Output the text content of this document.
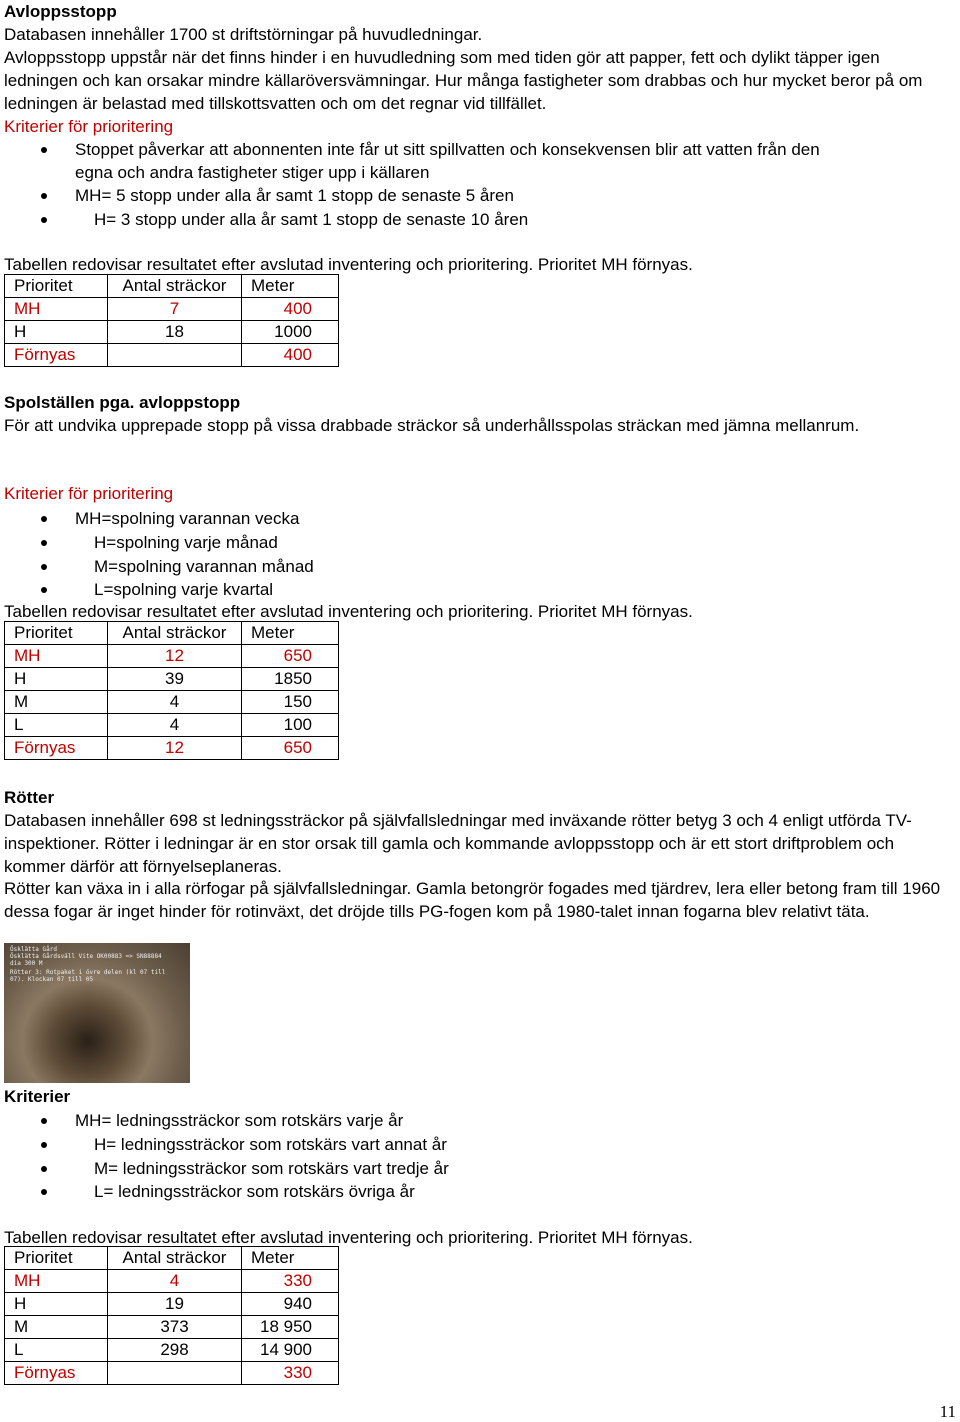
Avloppsstopp
Databasen innehåller 1700 st driftstörningar på huvudledningar.
Avloppsstopp uppstår när det finns hinder i en huvudledning som med tiden gör att papper, fett och dylikt täpper igen ledningen och kan orsakar mindre källaröversvämningar. Hur många fastigheter som drabbas och hur mycket beror på om ledningen är belastad med tillskottsvatten och om det regnar vid tillfället.
Kriterier för prioritering
Stoppet påverkar att abonnenten inte får ut sitt spillvatten och konsekvensen blir att vatten från den
egna och andra fastigheter stiger upp i källaren
MH= 5 stopp under alla år samt 1 stopp de senaste 5 åren
H= 3 stopp under alla år samt 1 stopp de senaste 10 åren
Tabellen redovisar resultatet efter avslutad inventering och prioritering. Prioritet MH förnyas.
Prioritet	Antal sträckor	Meter
MH	7	400
H	18	1000
Förnyas		400
Spolställen pga. avloppstopp
För att undvika upprepade stopp på vissa drabbade sträckor så underhållsspolas sträckan med jämna mellanrum.
Kriterier för prioritering
MH=spolning varannan vecka
H=spolning varje månad
M=spolning varannan månad
L=spolning varje kvartal
Tabellen redovisar resultatet efter avslutad inventering och prioritering. Prioritet MH förnyas.
Prioritet	Antal sträckor	Meter
MH	12	650
H	39	1850
M	4	150
L	4	100
Förnyas	12	650
Rötter
Databasen innehåller 698 st ledningssträckor på självfallsledningar med inväxande rötter betyg 3 och 4 enligt utförda TV-inspektioner. Rötter i ledningar är en stor orsak till gamla och kommande avloppsstopp och är ett stort driftproblem och kommer därför att förnyelseplaneras.
Rötter kan växa in i alla rörfogar på självfallsledningar. Gamla betongrör fogades med tjärdrev, lera eller betong fram till 1960 dessa fogar är inget hinder för rotinväxt, det dröjde tills PG-fogen kom på 1980-talet innan fogarna blev relativt täta.
Ösklätta Gård
Ösklätta Gårdsväll Vite OK00883 => SN88884
dia 300 M
Rötter 3: Rotpaket i övre delen (kl 07 till
07). Klockan 07 till 05
Kriterier
MH= ledningssträckor som rotskärs varje år
H= ledningssträckor som rotskärs vart annat år
M= ledningssträckor som rotskärs vart tredje år
L= ledningssträckor som rotskärs övriga år
Tabellen redovisar resultatet efter avslutad inventering och prioritering. Prioritet MH förnyas.
Prioritet	Antal sträckor	Meter
MH	4	330
H	19	940
M	373	18 950
L	298	14 900
Förnyas		330
11
